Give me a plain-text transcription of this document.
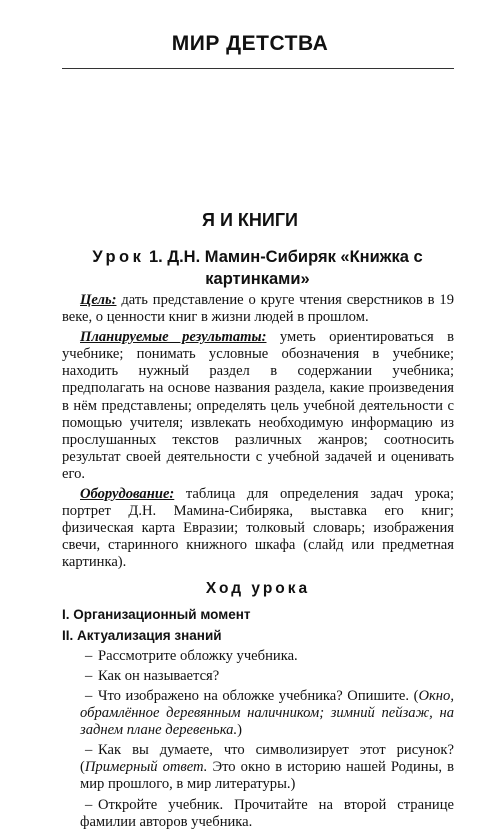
МИР ДЕТСТВА
Я И КНИГИ
Урок 1. Д.Н. Мамин-Сибиряк «Книжка с картинками»

Цель: дать представление о круге чтения сверстников в 19 веке, о ценности книг в жизни людей в прошлом.

Планируемые результаты: уметь ориентироваться в учебнике; понимать условные обозначения в учебнике; находить нужный раздел в содержании учебника; предполагать на основе названия раздела, какие произведения в нём представлены; определять цель учебной деятельности с помощью учителя; извлекать необходимую информацию из прослушанных текстов различных жанров; соотносить результат своей деятельности с учебной задачей и оценивать его.

Оборудование: таблица для определения задач урока; портрет Д.Н. Мамина-Сибиряка, выставка его книг; физическая карта Евразии; толковый словарь; изображения свечи, старинного книжного шкафа (слайд или предметная картинка).

Ход урока
I. Организационный момент
II. Актуализация знаний

– Рассмотрите обложку учебника.

– Как он называется?

– Что изображено на обложке учебника? Опишите. (Окно, обрамлённое деревянным наличником; зимний пейзаж, на заднем плане деревенька.)

– Как вы думаете, что символизирует этот рисунок? (Примерный ответ. Это окно в историю нашей Родины, в мир прошлого, в мир литературы.)

– Откройте учебник. Прочитайте на второй странице фамилии авторов учебника.
